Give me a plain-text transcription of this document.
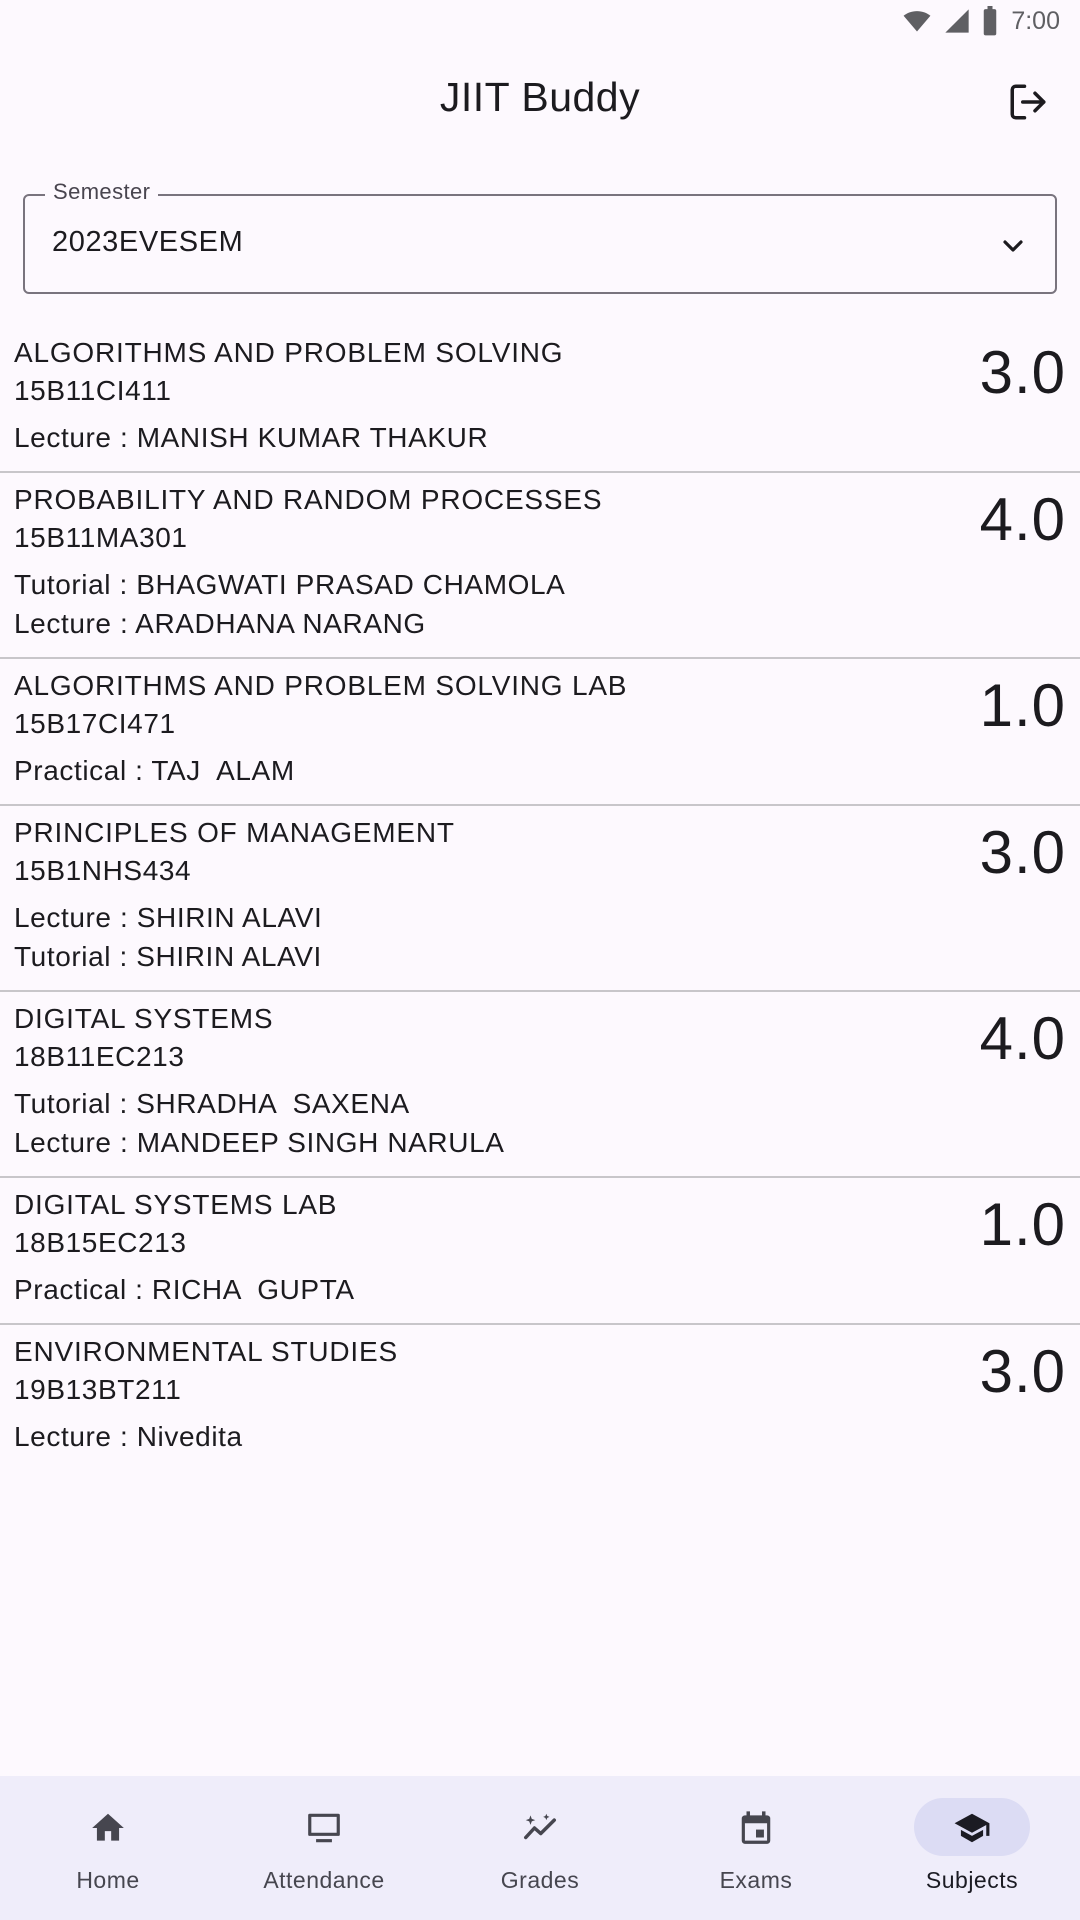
7:00
JIIT Buddy
Semester
2023EVESEM
ALGORITHMS AND PROBLEM SOLVING
15B11CI411
Lecture : MANISH KUMAR THAKUR
3.0
PROBABILITY AND RANDOM PROCESSES
15B11MA301
Tutorial : BHAGWATI PRASAD CHAMOLA
Lecture : ARADHANA NARANG
4.0
ALGORITHMS AND PROBLEM SOLVING LAB
15B17CI471
Practical : TAJ  ALAM
1.0
PRINCIPLES OF MANAGEMENT
15B1NHS434
Lecture : SHIRIN ALAVI
Tutorial : SHIRIN ALAVI
3.0
DIGITAL SYSTEMS
18B11EC213
Tutorial : SHRADHA  SAXENA
Lecture : MANDEEP SINGH NARULA
4.0
DIGITAL SYSTEMS LAB
18B15EC213
Practical : RICHA  GUPTA
1.0
ENVIRONMENTAL STUDIES
19B13BT211
Lecture : Nivedita
3.0
Home	Attendance	Grades	Exams	Subjects
